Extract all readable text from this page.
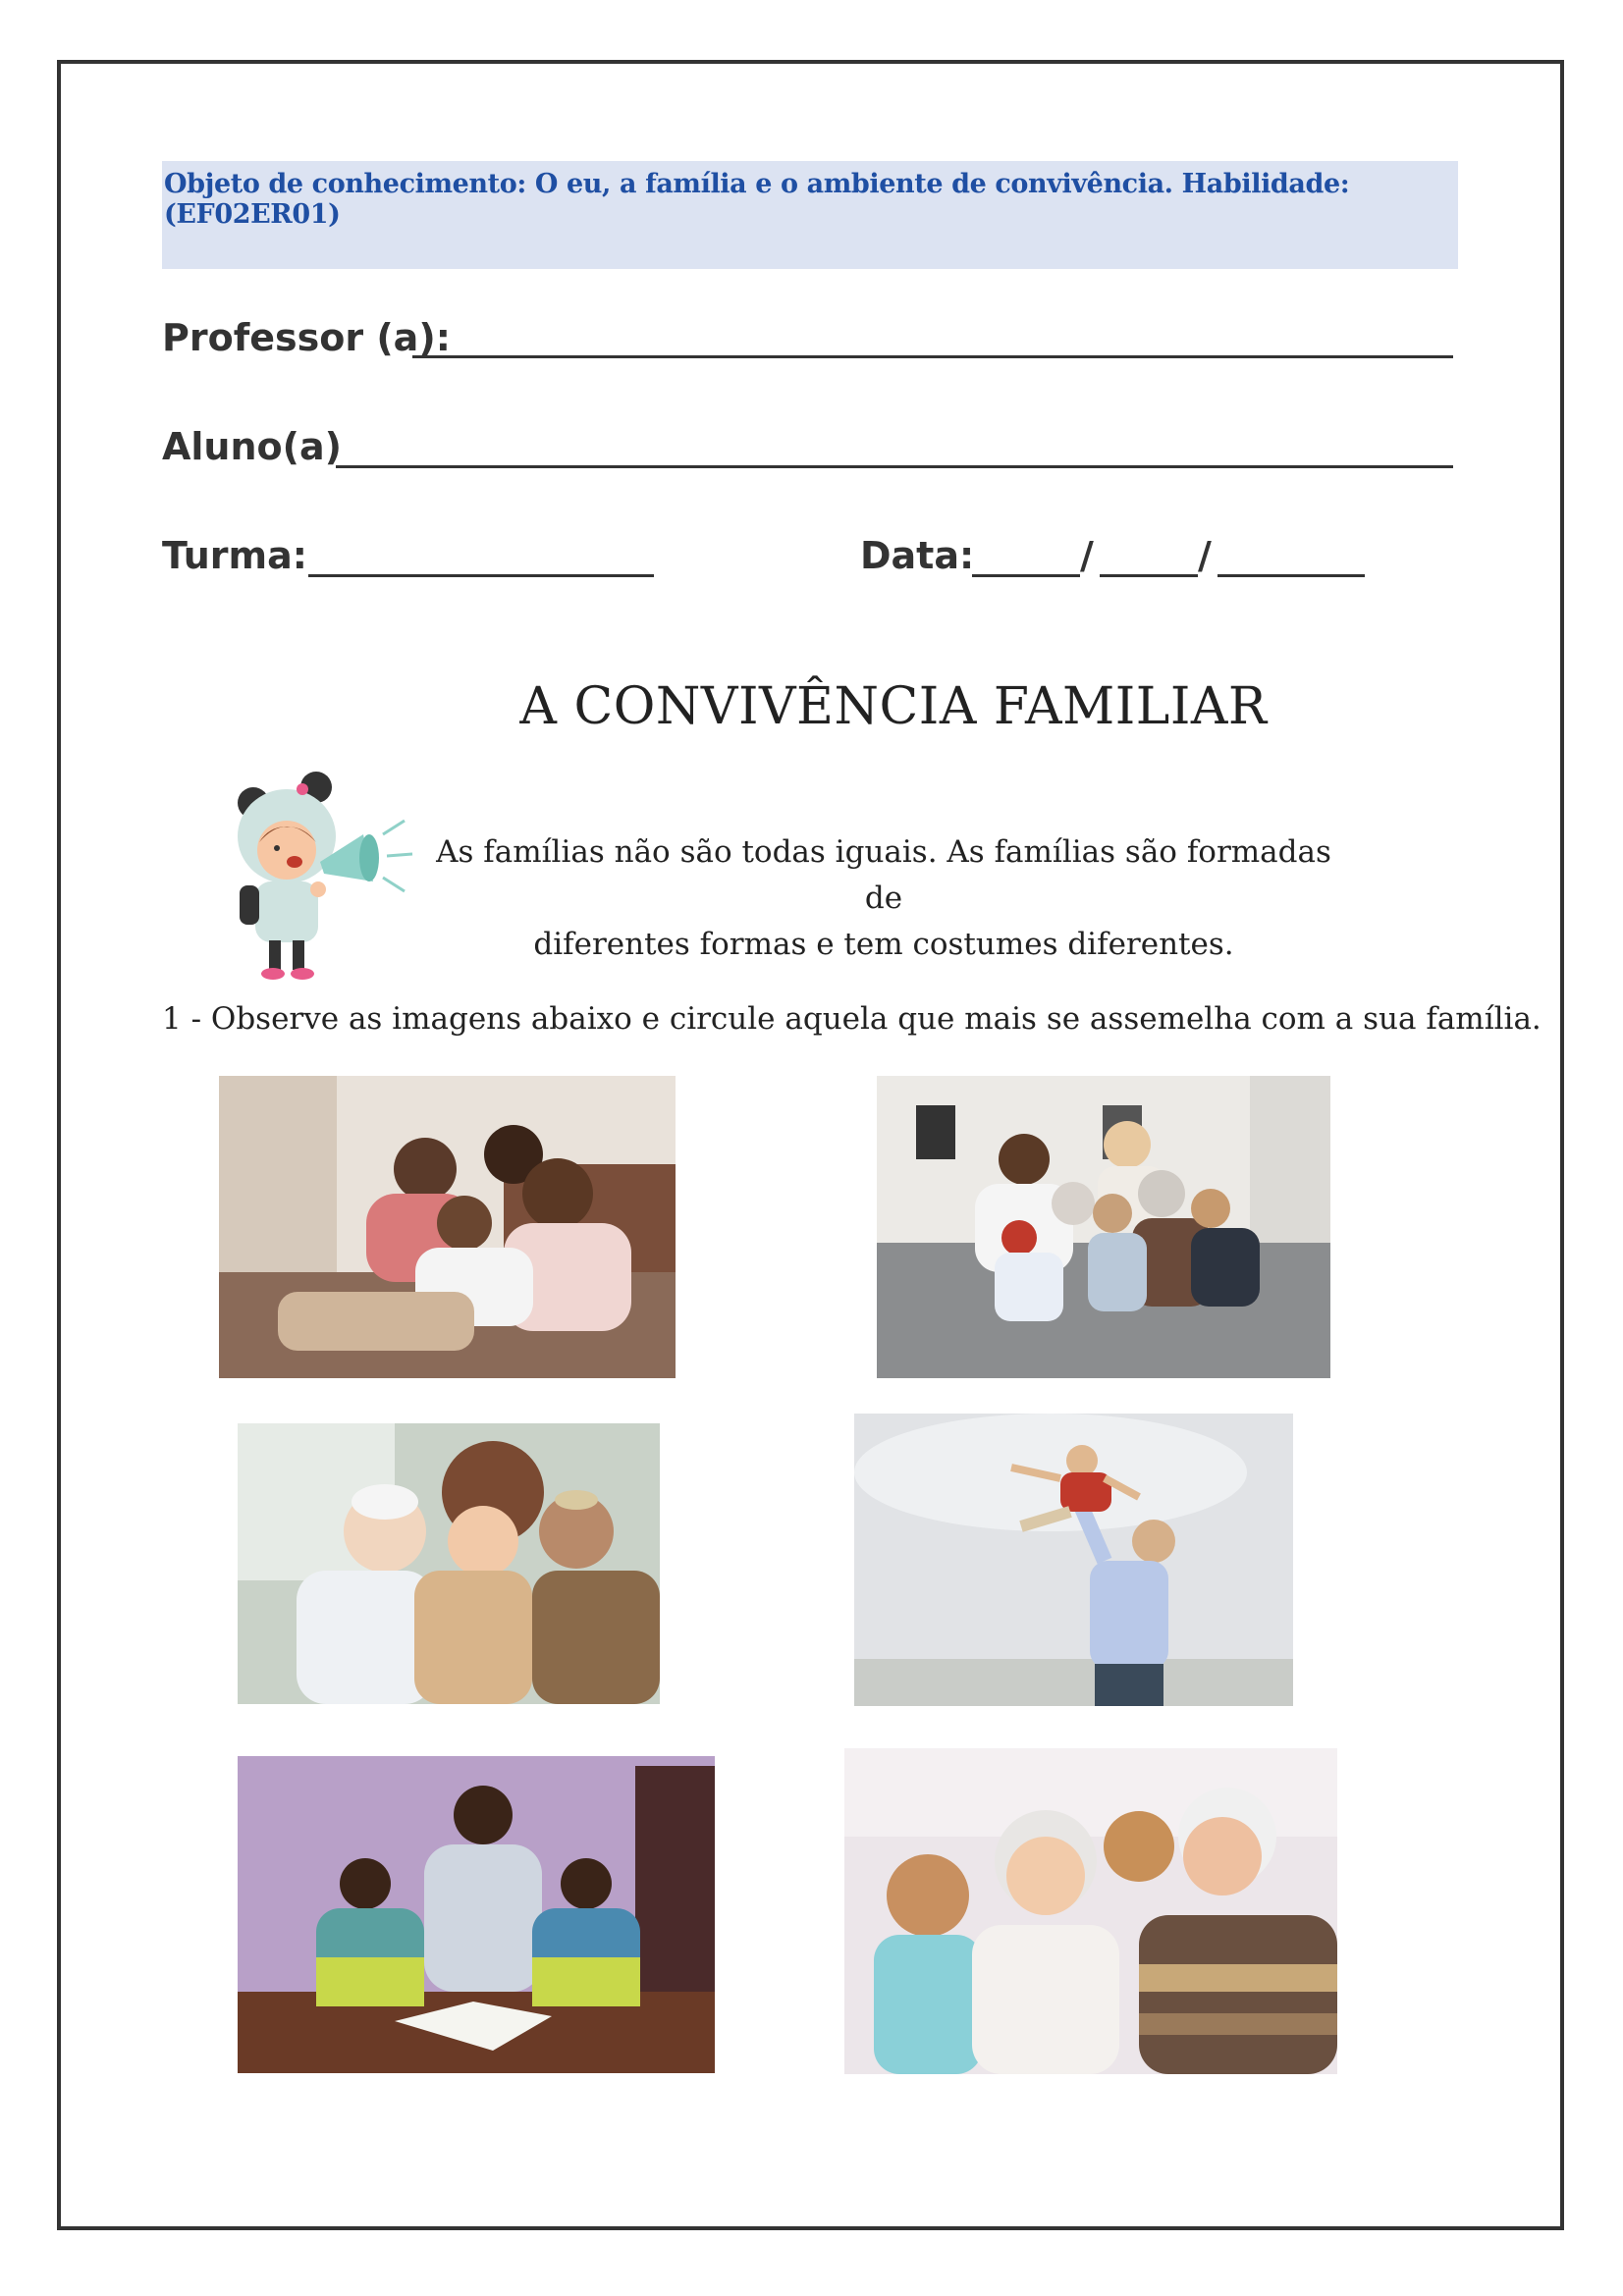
Objeto de conhecimento: O eu, a família e o ambiente de convivência. Habilidade: (EF02ER01)
Professor (a):
Aluno(a)
Turma:	Data:	/	/
A CONVIVÊNCIA FAMILIAR
As famílias não são todas iguais. As famílias são formadas de
diferentes formas e tem costumes diferentes.
1 - Observe as imagens abaixo e circule aquela que mais se assemelha com a sua família.
